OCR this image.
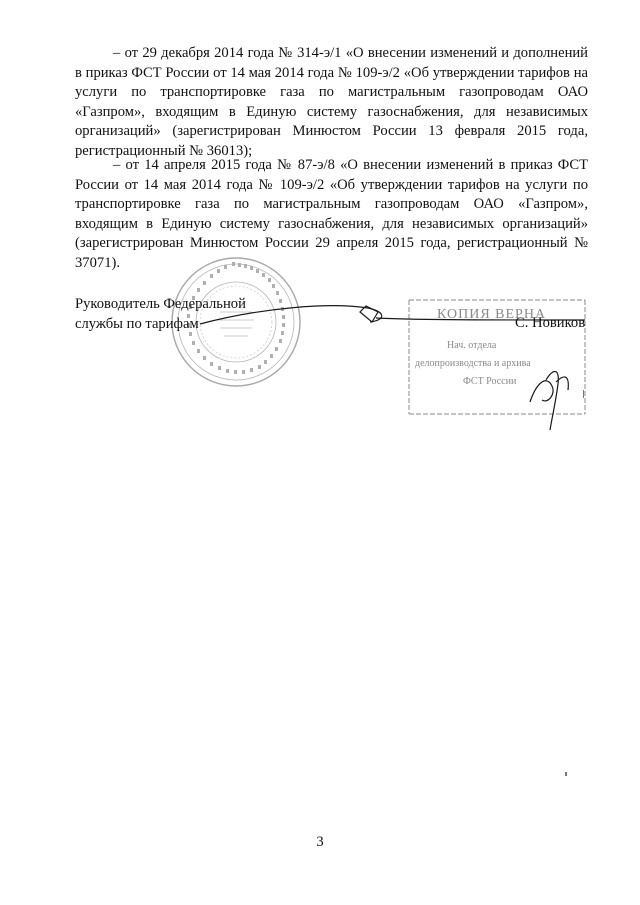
– от 29 декабря 2014 года № 314-э/1 «О внесении изменений и дополнений в приказ ФСТ России от 14 мая 2014 года № 109-э/2 «Об утверждении тарифов на услуги по транспортировке газа по магистральным газопроводам ОАО «Газпром», входящим в Единую систему газоснабжения, для независимых организаций» (зарегистрирован Минюстом России 13 февраля 2015 года, регистрационный № 36013);

– от 14 апреля 2015 года № 87-э/8 «О внесении изменений в приказ ФСТ России от 14 мая 2014 года № 109-э/2 «Об утверждении тарифов на услуги по транспортировке газа по магистральным газопроводам ОАО «Газпром», входящим в Единую систему газоснабжения, для независимых организаций» (зарегистрирован Минюстом России 29 апреля 2015 года, регистрационный № 37071).

КОПИЯ ВЕРНА
Нач. отдела
делопроизводства и архива
ФСТ России
Руководитель Федеральной
службы по тарифам	С. Новиков
3
